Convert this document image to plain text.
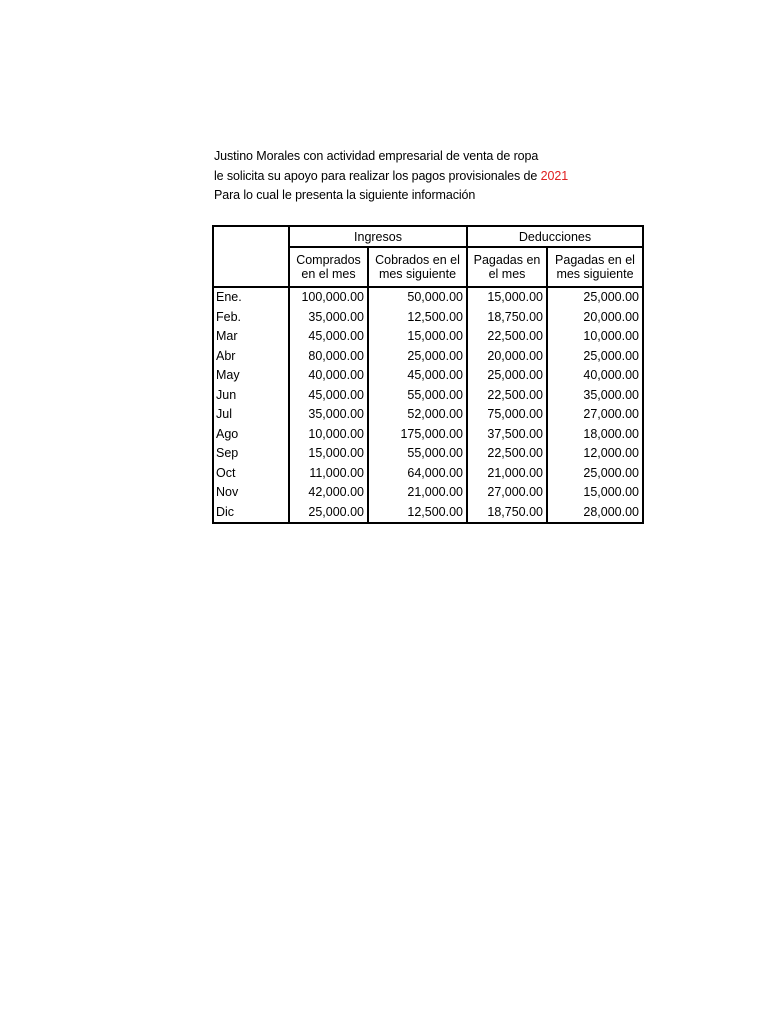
Justino Morales con actividad empresarial de venta de ropa
le solicita su apoyo para realizar los pagos provisionales de 2021
Para lo cual le presenta la siguiente información
	Ingresos		Deducciones	
	Comprados en el mes	Cobrados en el mes siguiente	Pagadas en el mes	Pagadas en el mes siguiente
Ene.	100,000.00	50,000.00	15,000.00	25,000.00
Feb.	35,000.00	12,500.00	18,750.00	20,000.00
Mar	45,000.00	15,000.00	22,500.00	10,000.00
Abr	80,000.00	25,000.00	20,000.00	25,000.00
May	40,000.00	45,000.00	25,000.00	40,000.00
Jun	45,000.00	55,000.00	22,500.00	35,000.00
Jul	35,000.00	52,000.00	75,000.00	27,000.00
Ago	10,000.00	175,000.00	37,500.00	18,000.00
Sep	15,000.00	55,000.00	22,500.00	12,000.00
Oct	11,000.00	64,000.00	21,000.00	25,000.00
Nov	42,000.00	21,000.00	27,000.00	15,000.00
Dic	25,000.00	12,500.00	18,750.00	28,000.00
